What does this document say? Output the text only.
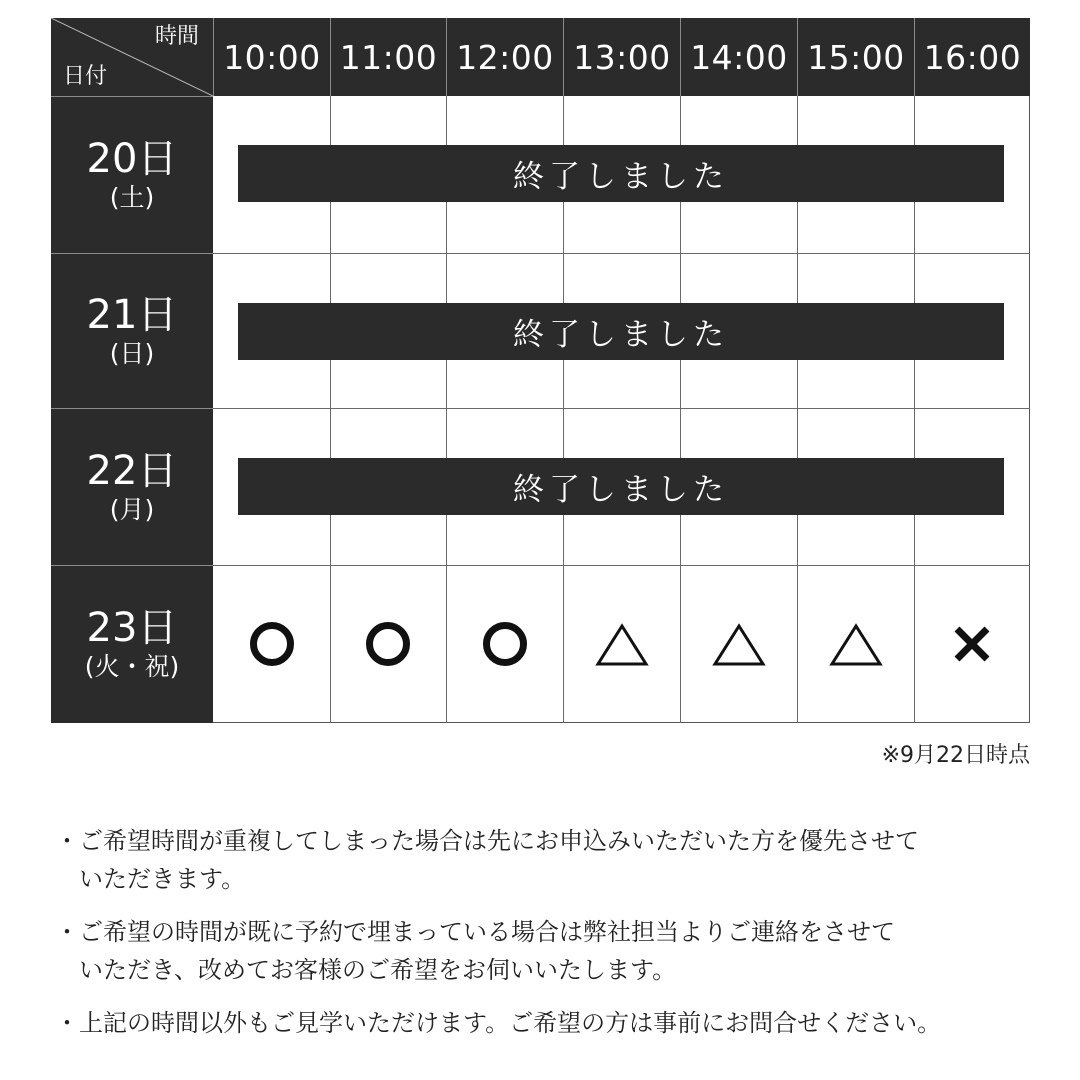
時間
日付	10:00 11:00 12:00 13:00 14:00 15:00 16:00
20日
(土)
21日
(日)
22日
(月)
23日
(火・祝)
終了しました
終了しました
終了しました
※9月22日時点
・ ご希望時間が重複してしまった場合は先にお申込みいただいた方を優先させて
いただきます。
・ ご希望の時間が既に予約で埋まっている場合は弊社担当よりご連絡をさせて
いただき、改めてお客様のご希望をお伺いいたします。
・ 上記の時間以外もご見学いただけます。ご希望の方は事前にお問合せください。
